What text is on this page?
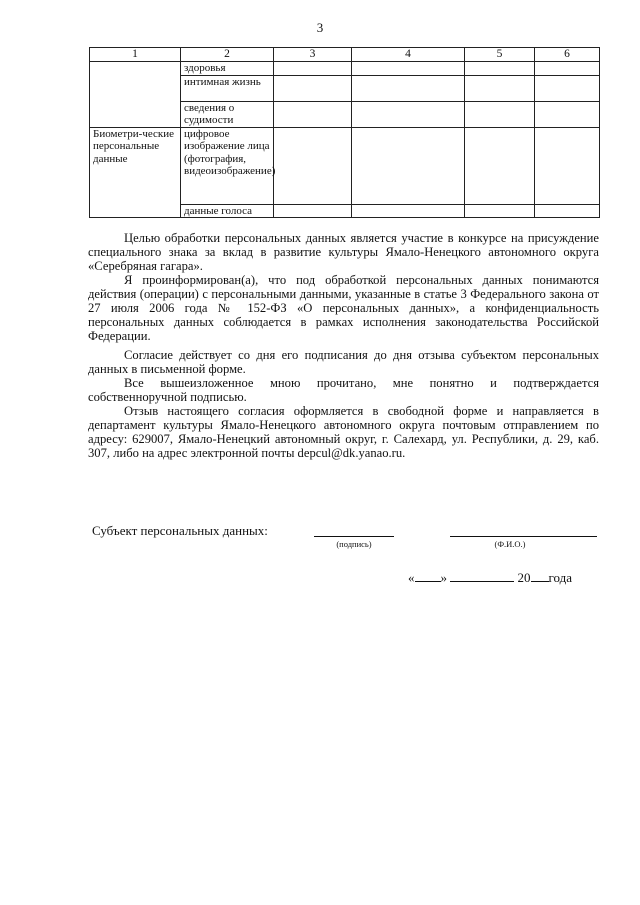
3
1	2	3	4	5	6
	здоровья				
	интимная жизнь				
	сведения о судимости				
Биометри-ческие персональные данные	цифровое изображение лица (фотография, видеоизображение)				
	данные голоса				

Целью обработки персональных данных является участие в конкурсе на присуждение специального знака за вклад в развитие культуры Ямало-Ненецкого автономного округа «Серебряная гагара».

Я проинформирован(а), что под обработкой персональных данных понимаются действия (операции) с персональными данными, указанные в статье 3 Федерального закона от 27 июля 2006 года № 152-ФЗ «О персональных данных», а конфиденциальность персональных данных соблюдается в рамках исполнения законодательства Российской Федерации.

Согласие действует со дня его подписания до дня отзыва субъектом персональных данных в письменной форме.

Все вышеизложенное мною прочитано, мне понятно и подтверждается собственноручной подписью.

Отзыв настоящего согласия оформляется в свободной форме и направляется в департамент культуры Ямало-Ненецкого автономного округа почтовым отправлением по адресу: 629007, Ямало-Ненецкий автономный округ, г. Салехард, ул. Республики, д. 29, каб. 307, либо на адрес электронной почты depcul@dk.yanao.ru.

Субъект персональных данных:
(подпись)	(Ф.И.О.)
« »	20 года
